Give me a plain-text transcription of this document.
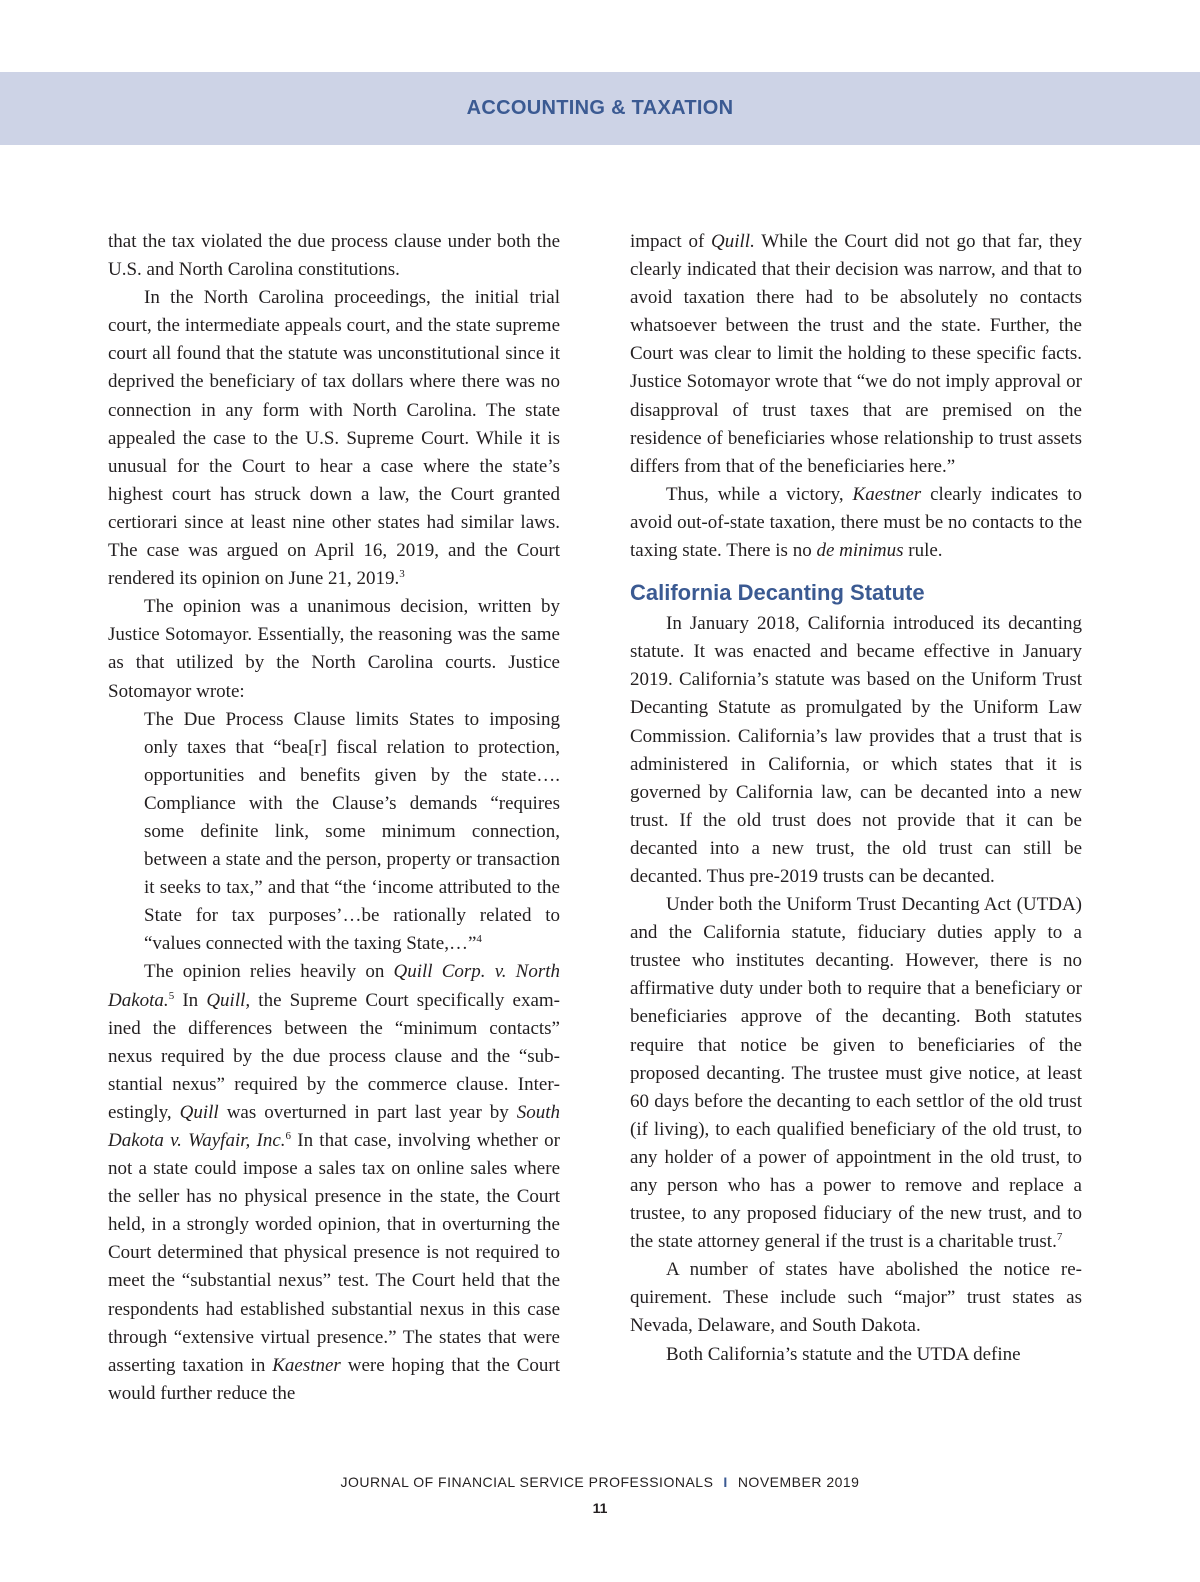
ACCOUNTING & TAXATION

that the tax violated the due process clause under both the U.S. and North Carolina constitutions.

In the North Carolina proceedings, the initial trial court, the intermediate appeals court, and the state supreme court all found that the statute was unconstitutional since it deprived the beneficiary of tax dollars where there was no connection in any form with North Carolina. The state appealed the case to the U.S. Supreme Court. While it is unusual for the Court to hear a case where the state’s highest court has struck down a law, the Court granted certiorari since at least nine other states had similar laws. The case was argued on April 16, 2019, and the Court rendered its opinion on June 21, 2019.$^3$

The opinion was a unanimous decision, written by Justice Sotomayor. Essentially, the reasoning was the same as that utilized by the North Carolina courts. Justice Sotomayor wrote:

The Due Process Clause limits States to imposing only taxes that “bea[r] fiscal relation to protection, opportunities and benefits given by the state…. Compliance with the Clause’s demands “requires some definite link, some minimum connection, between a state and the person, property or transaction it seeks to tax,” and that “the ‘income attributed to the State for tax purposes’…be rationally related to “values connected with the taxing State,…”$^4$

The opinion relies heavily on Quill Corp. v. North Dakota.$^5$ In Quill, the Supreme Court specifically examined the differences between the “minimum contacts” nexus required by the due process clause and the “substantial nexus” required by the commerce clause. Interestingly, Quill was overturned in part last year by South Dakota v. Wayfair, Inc.$^6$ In that case, involving whether or not a state could impose a sales tax on online sales where the seller has no physical presence in the state, the Court held, in a strongly worded opinion, that in overturning the Court determined that physical presence is not required to meet the “substantial nexus” test. The Court held that the respondents had established substantial nexus in this case through “extensive virtual presence.” The states that were asserting taxation in Kaestner were hoping that the Court would further reduce the

impact of Quill. While the Court did not go that far, they clearly indicated that their decision was narrow, and that to avoid taxation there had to be absolutely no contacts whatsoever between the trust and the state. Further, the Court was clear to limit the holding to these specific facts. Justice Sotomayor wrote that “we do not imply approval or disapproval of trust taxes that are premised on the residence of beneficiaries whose relationship to trust assets differs from that of the beneficiaries here.”

Thus, while a victory, Kaestner clearly indicates to avoid out-of-state taxation, there must be no contacts to the taxing state. There is no de minimus rule.

California Decanting Statute

In January 2018, California introduced its decanting statute. It was enacted and became effective in January 2019. California’s statute was based on the Uniform Trust Decanting Statute as promulgated by the Uniform Law Commission. California’s law provides that a trust that is administered in California, or which states that it is governed by California law, can be decanted into a new trust. If the old trust does not provide that it can be decanted into a new trust, the old trust can still be decanted. Thus pre-2019 trusts can be decanted.

Under both the Uniform Trust Decanting Act (UTDA) and the California statute, fiduciary duties apply to a trustee who institutes decanting. However, there is no affirmative duty under both to require that a beneficiary or beneficiaries approve of the decanting. Both statutes require that notice be given to beneficiaries of the proposed decanting. The trustee must give notice, at least 60 days before the decanting to each settlor of the old trust (if living), to each qualified beneficiary of the old trust, to any holder of a power of appointment in the old trust, to any person who has a power to remove and replace a trustee, to any proposed fiduciary of the new trust, and to the state attorney general if the trust is a charitable trust.$^7$

A number of states have abolished the notice requirement. These include such “major” trust states as Nevada, Delaware, and South Dakota.

Both California’s statute and the UTDA define

JOURNAL OF FINANCIAL SERVICE PROFESSIONALS I NOVEMBER 2019
11
